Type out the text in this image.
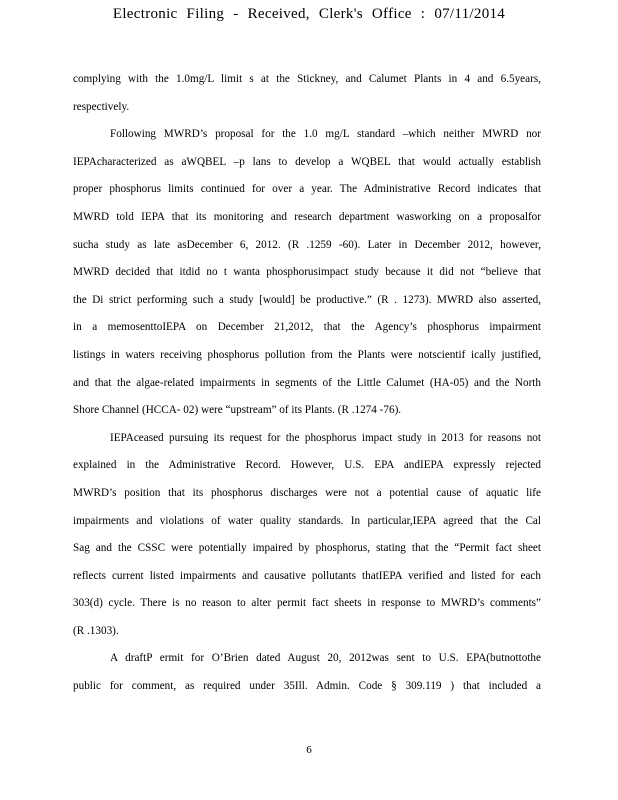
Electronic Filing - Received, Clerk's Office : 07/11/2014
complying with the 1.0mg/L limit s at the Stickney, and Calumet Plants in 4 and 6.5years,
respectively.
Following MWRD’s proposal for the 1.0 mg/L standard –which neither MWRD nor
IEPAcharacterized as aWQBEL –p lans to develop a WQBEL that would actually establish
proper phosphorus limits continued for over a year. The Administrative Record indicates that
MWRD told IEPA that its monitoring and research department wasworking on a proposalfor
sucha study as late asDecember 6, 2012. (R .1259 -60). Later in December 2012, however,
MWRD decided that itdid no t wanta phosphorusimpact study because it did not “believe that
the Di strict performing such a study [would] be productive.” (R . 1273). MWRD also asserted,
in a memosenttoIEPA on December 21,2012, that the Agency’s phosphorus impairment
listings in waters receiving phosphorus pollution from the Plants were notscientif ically justified,
and that the algae-related impairments in segments of the Little Calumet (HA-05) and the North
Shore Channel (HCCA- 02) were “upstream” of its Plants. (R .1274 -76).
IEPAceased pursuing its request for the phosphorus impact study in 2013 for reasons not
explained in the Administrative Record. However, U.S. EPA andIEPA expressly rejected
MWRD’s position that its phosphorus discharges were not a potential cause of aquatic life
impairments and violations of water quality standards. In particular,IEPA agreed that the Cal
Sag and the CSSC were potentially impaired by phosphorus, stating that the “Permit fact sheet
reflects current listed impairments and causative pollutants thatIEPA verified and listed for each
303(d) cycle. There is no reason to alter permit fact sheets in response to MWRD’s comments”
(R .1303).
A draftP ermit for O’Brien dated August 20, 2012was sent to U.S. EPA(butnottothe
public for comment, as required under 35Ill. Admin. Code § 309.119 ) that included a
6
